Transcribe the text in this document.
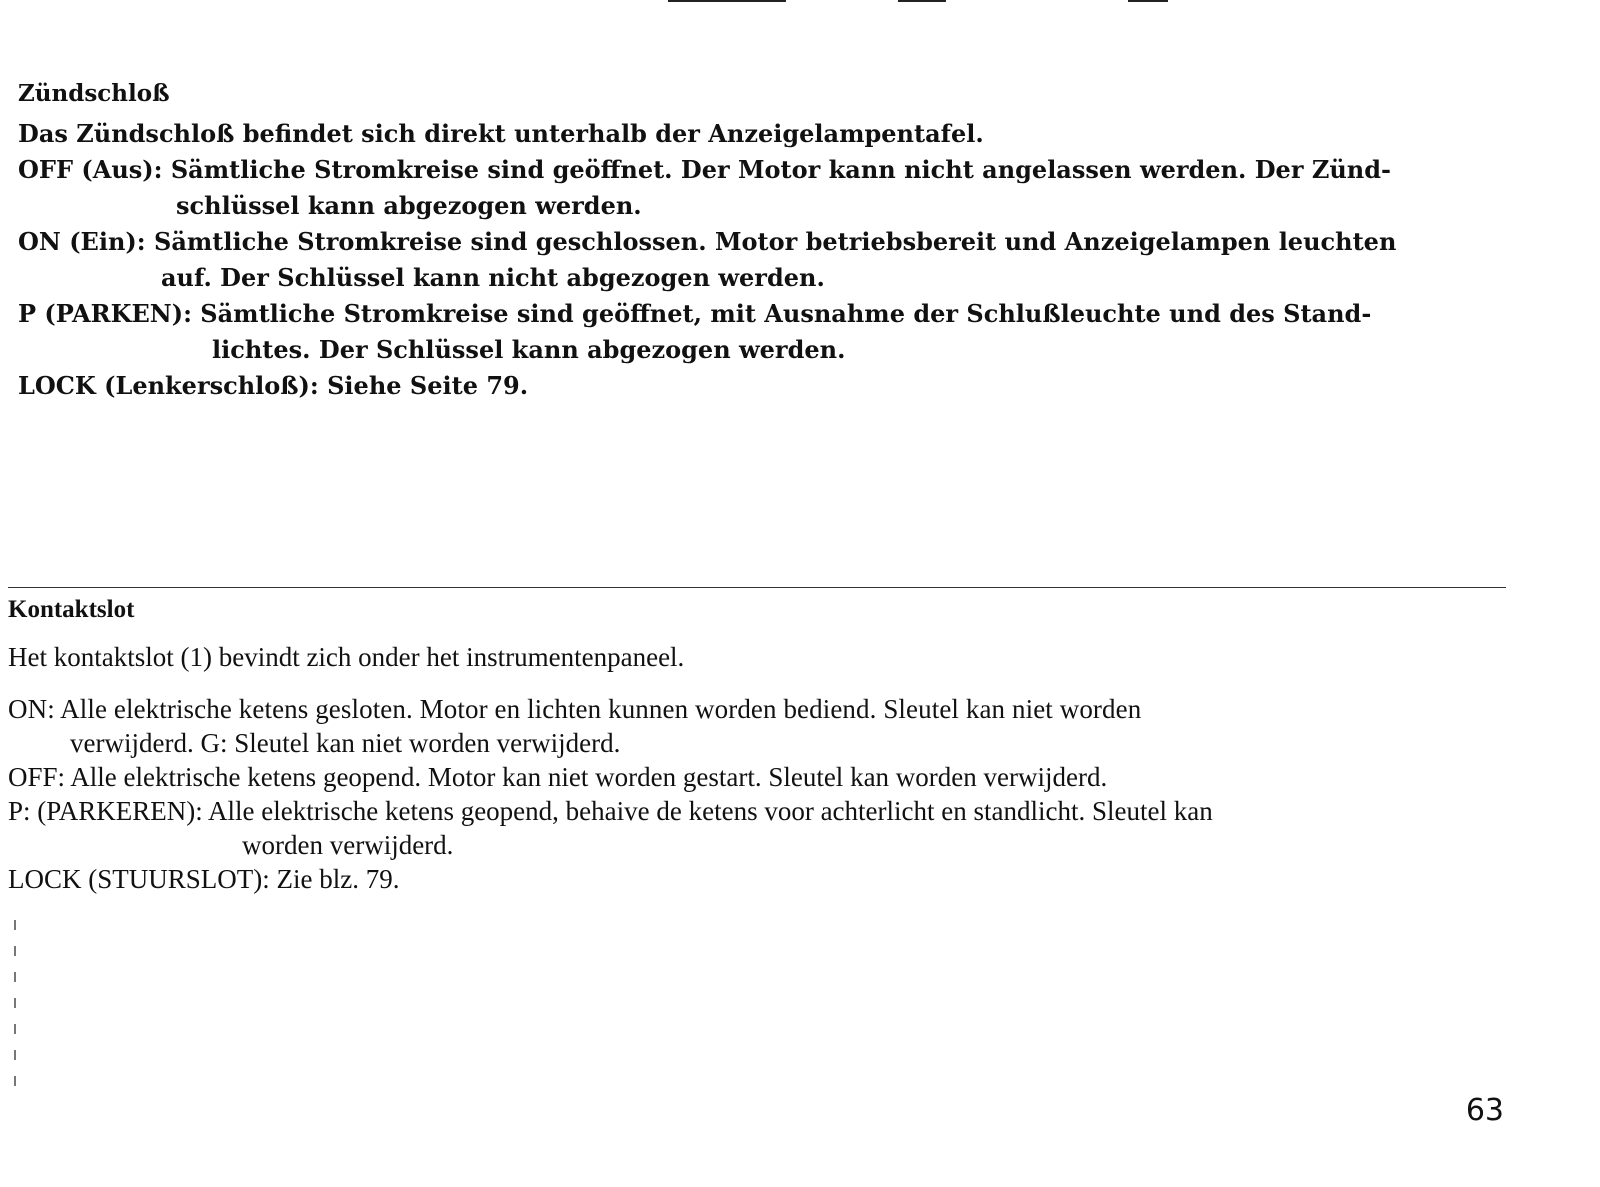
Zündschloß

Das Zündschloß befindet sich direkt unterhalb der Anzeigelampentafel.

OFF (Aus): Sämtliche Stromkreise sind geöffnet. Der Motor kann nicht angelassen werden. Der Zünd-

schlüssel kann abgezogen werden.

ON (Ein): Sämtliche Stromkreise sind geschlossen. Motor betriebsbereit und Anzeigelampen leuchten

auf. Der Schlüssel kann nicht abgezogen werden.

P (PARKEN): Sämtliche Stromkreise sind geöffnet, mit Ausnahme der Schlußleuchte und des Stand-

lichtes. Der Schlüssel kann abgezogen werden.

LOCK (Lenkerschloß): Siehe Seite 79.

Kontaktslot

Het kontaktslot (1) bevindt zich onder het instrumentenpaneel.

ON: Alle elektrische ketens gesloten. Motor en lichten kunnen worden bediend. Sleutel kan niet worden

verwijderd. G: Sleutel kan niet worden verwijderd.

OFF: Alle elektrische ketens geopend. Motor kan niet worden gestart. Sleutel kan worden verwijderd.

P: (PARKEREN): Alle elektrische ketens geopend, behaive de ketens voor achterlicht en standlicht. Sleutel kan

worden verwijderd.

LOCK (STUURSLOT): Zie blz. 79.

63
